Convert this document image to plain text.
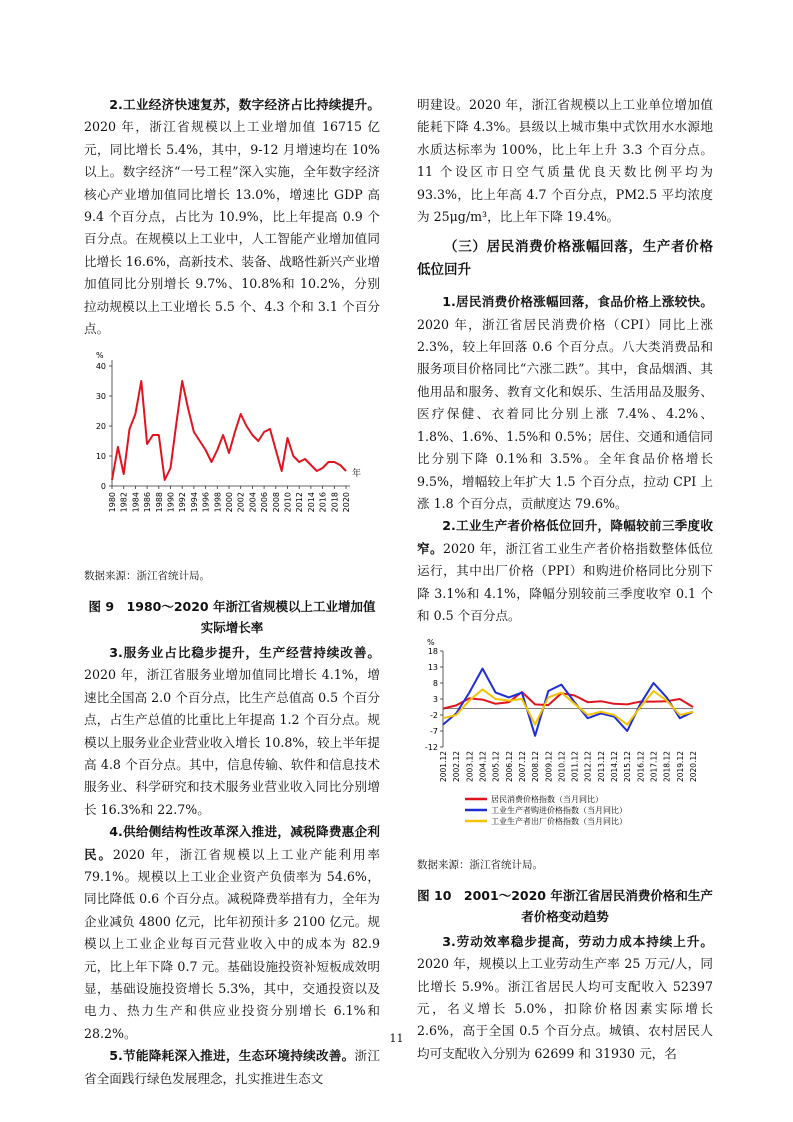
2.工业经济快速复苏，数字经济占比持续提升。2020 年，浙江省规模以上工业增加值 16715 亿元，同比增长 5.4%，其中，9-12 月增速均在 10%以上。数字经济“一号工程”深入实施，全年数字经济核心产业增加值同比增长 13.0%，增速比 GDP 高 9.4 个百分点，占比为 10.9%，比上年提高 0.9 个百分点。在规模以上工业中，人工智能产业增加值同比增长 16.6%，高新技术、装备、战略性新兴产业增加值同比分别增长 9.7%、10.8%和 10.2%，分别拉动规模以上工业增长 5.5 个、4.3 个和 3.1 个百分点。

%
0
10
20
30
40
1980 1982 1984 1986 1988 1990 1992 1994 1996 1998 2000 2002 2004 2006 2008 2010 2012 2014 2016 2018 2020
年
数据来源：浙江省统计局。
图 9　1980～2020 年浙江省规模以上工业增加值实际增长率

3.服务业占比稳步提升，生产经营持续改善。2020 年，浙江省服务业增加值同比增长 4.1%，增速比全国高 2.0 个百分点，比生产总值高 0.5 个百分点，占生产总值的比重比上年提高 1.2 个百分点。规模以上服务业企业营业收入增长 10.8%，较上半年提高 4.8 个百分点。其中，信息传输、软件和信息技术服务业、科学研究和技术服务业营业收入同比分别增长 16.3%和 22.7%。

4.供给侧结构性改革深入推进，减税降费惠企利民。2020 年，浙江省规模以上工业产能利用率 79.1%。规模以上工业企业资产负债率为 54.6%，同比降低 0.6 个百分点。减税降费举措有力，全年为企业减负 4800 亿元，比年初预计多 2100 亿元。规模以上工业企业每百元营业收入中的成本为 82.9 元，比上年下降 0.7 元。基础设施投资补短板成效明显，基础设施投资增长 5.3%，其中，交通投资以及电力、热力生产和供应业投资分别增长 6.1%和 28.2%。

5.节能降耗深入推进，生态环境持续改善。浙江省全面践行绿色发展理念，扎实推进生态文

明建设。2020 年，浙江省规模以上工业单位增加值能耗下降 4.3%。县级以上城市集中式饮用水水源地水质达标率为 100%，比上年上升 3.3 个百分点。11 个设区市日空气质量优良天数比例平均为 93.3%，比上年高 4.7 个百分点，PM2.5 平均浓度为 25μg/m³，比上年下降 19.4%。

（三）居民消费价格涨幅回落，生产者价格低位回升

1.居民消费价格涨幅回落，食品价格上涨较快。2020 年，浙江省居民消费价格（CPI）同比上涨 2.3%，较上年回落 0.6 个百分点。八大类消费品和服务项目价格同比“六涨二跌”。其中，食品烟酒、其他用品和服务、教育文化和娱乐、生活用品及服务、医疗保健、衣着同比分别上涨 7.4%、4.2%、1.8%、1.6%、1.5%和 0.5%；居住、交通和通信同比分别下降 0.1%和 3.5%。全年食品价格增长 9.5%，增幅较上年扩大 1.5 个百分点，拉动 CPI 上涨 1.8 个百分点，贡献度达 79.6%。

2.工业生产者价格低位回升，降幅较前三季度收窄。2020 年，浙江省工业生产者价格指数整体低位运行，其中出厂价格（PPI）和购进价格同比分别下降 3.1%和 4.1%，降幅分别较前三季度收窄 0.1 个和 0.5 个百分点。

%
-12
-7
-2
3
8
13
18
2001.12 2002.12 2003.12 2004.12 2005.12 2006.12 2007.12 2008.12 2009.12 2010.12 2011.12 2012.12 2013.12 2014.12 2015.12 2016.12 2017.12 2018.12 2019.12 2020.12
居民消费价格指数（当月同比）
工业生产者购进价格指数（当月同比）
工业生产者出厂价格指数（当月同比）
数据来源：浙江省统计局。
图 10　2001～2020 年浙江省居民消费价格和生产者价格变动趋势

3.劳动效率稳步提高，劳动力成本持续上升。2020 年，规模以上工业劳动生产率 25 万元/人，同比增长 5.9%。浙江省居民人均可支配收入 52397 元，名义增长 5.0%，扣除价格因素实际增长 2.6%，高于全国 0.5 个百分点。城镇、农村居民人均可支配收入分别为 62699 和 31930 元，名

11
